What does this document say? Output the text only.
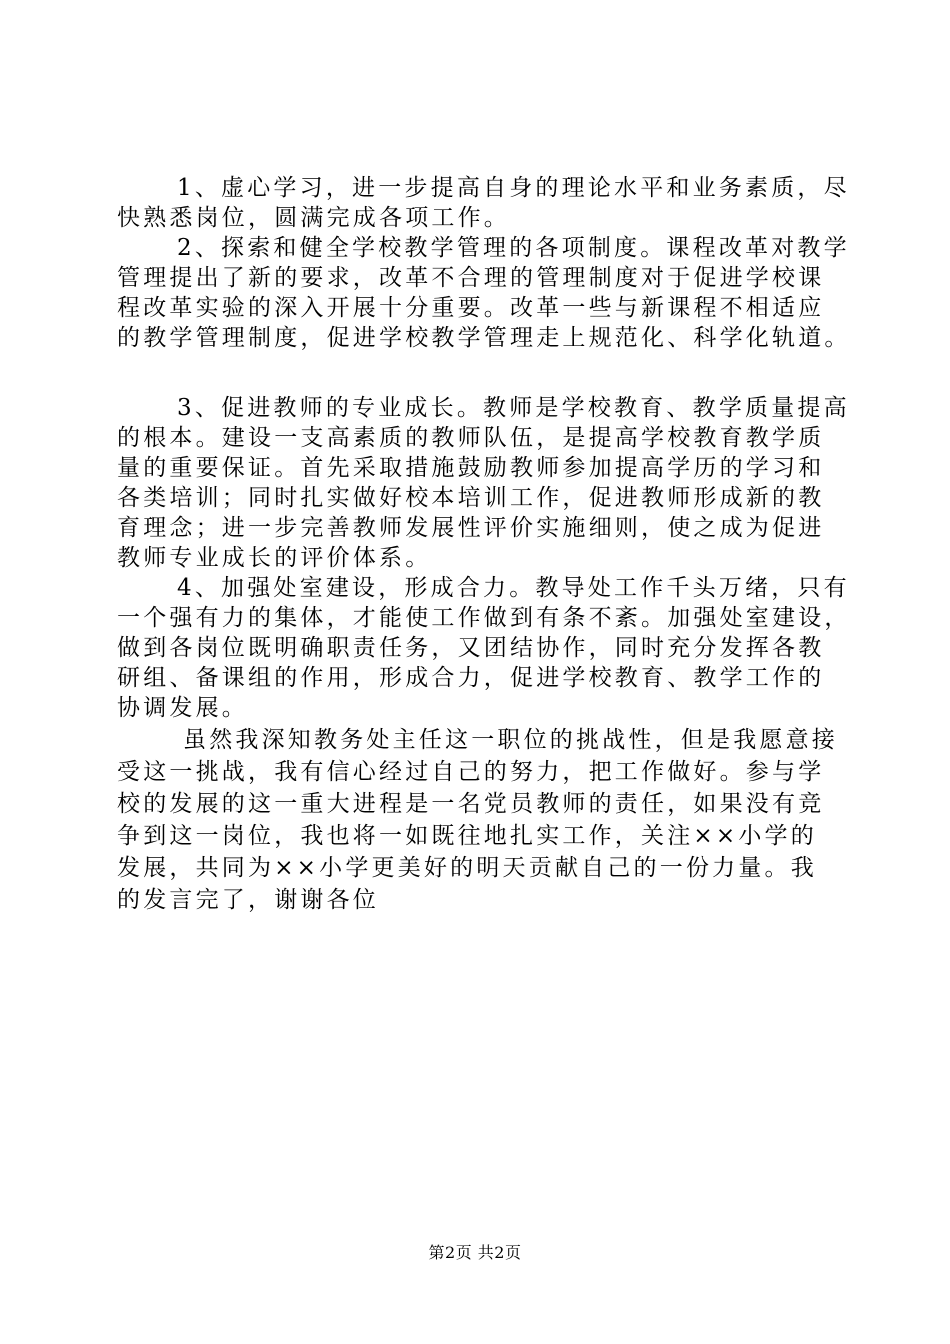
1、虚心学习，进一步提高自身的理论水平和业务素质，尽
快熟悉岗位，圆满完成各项工作。
2、探索和健全学校教学管理的各项制度。课程改革对教学
管理提出了新的要求，改革不合理的管理制度对于促进学校课
程改革实验的深入开展十分重要。改革一些与新课程不相适应
的教学管理制度，促进学校教学管理走上规范化、科学化轨道。
3、促进教师的专业成长。教师是学校教育、教学质量提高
的根本。建设一支高素质的教师队伍，是提高学校教育教学质
量的重要保证。首先采取措施鼓励教师参加提高学历的学习和
各类培训；同时扎实做好校本培训工作，促进教师形成新的教
育理念；进一步完善教师发展性评价实施细则，使之成为促进
教师专业成长的评价体系。
4、加强处室建设，形成合力。教导处工作千头万绪，只有
一个强有力的集体，才能使工作做到有条不紊。加强处室建设，
做到各岗位既明确职责任务，又团结协作，同时充分发挥各教
研组、备课组的作用，形成合力，促进学校教育、教学工作的
协调发展。
虽然我深知教务处主任这一职位的挑战性，但是我愿意接
受这一挑战，我有信心经过自己的努力，把工作做好。参与学
校的发展的这一重大进程是一名党员教师的责任，如果没有竞
争到这一岗位，我也将一如既往地扎实工作，关注××小学的
发展，共同为××小学更美好的明天贡献自己的一份力量。我
的发言完了，谢谢各位
第2页 共2页
